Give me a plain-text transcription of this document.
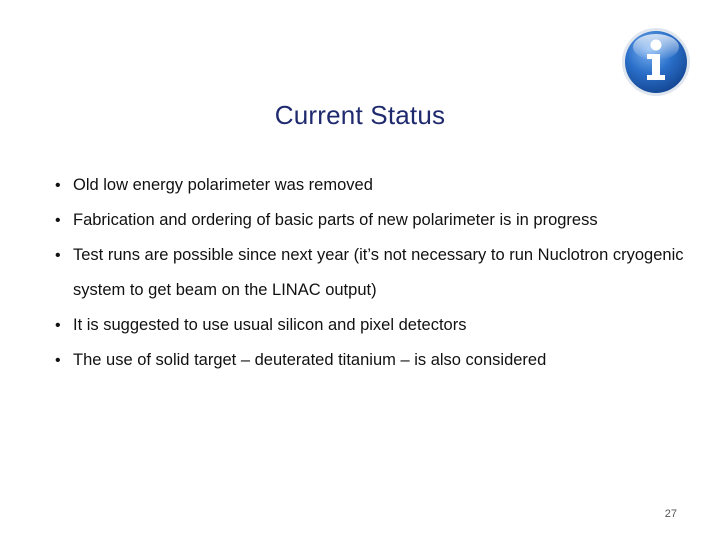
Current Status
• Old low energy polarimeter was removed
• Fabrication and ordering of basic parts of new polarimeter is in progress
• Test runs are possible since next year (it’s not necessary to run Nuclotron cryogenic system to get beam on the LINAC output)
• It is suggested to use usual silicon and pixel detectors
• The use of solid target – deuterated titanium – is also considered
27
